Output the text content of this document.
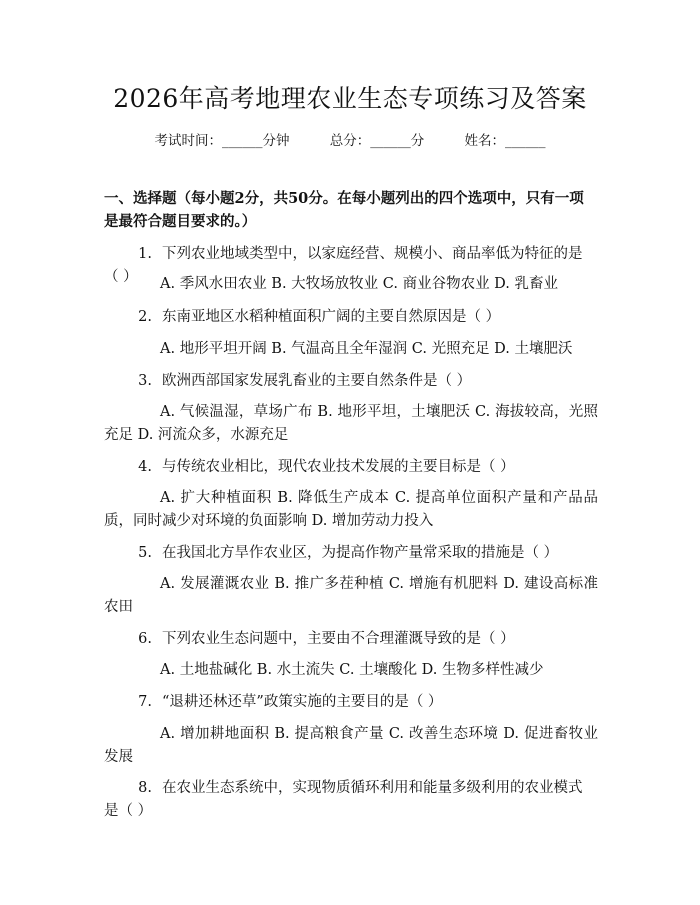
2026年高考地理农业生态专项练习及答案
考试时间：______分钟	总分：______分	姓名：______
一、选择题（每小题2分，共50分。在每小题列出的四个选项中，只有一项是最符合题目要求的。）
1. 下列农业地域类型中，以家庭经营、规模小、商品率低为特征的是（ ）	A. 季风水田农业 B. 大牧场放牧业 C. 商业谷物农业 D. 乳畜业
2. 东南亚地区水稻种植面积广阔的主要自然原因是（ ）
A. 地形平坦开阔 B. 气温高且全年湿润 C. 光照充足 D. 土壤肥沃
3. 欧洲西部国家发展乳畜业的主要自然条件是（ ）
A. 气候温湿，草场广布 B. 地形平坦，土壤肥沃 C. 海拔较高，光照充足 D. 河流众多，水源充足
4. 与传统农业相比，现代农业技术发展的主要目标是（ ）
A. 扩大种植面积 B. 降低生产成本 C. 提高单位面积产量和产品品质，同时减少对环境的负面影响 D. 增加劳动力投入
5. 在我国北方旱作农业区，为提高作物产量常采取的措施是（ ）
A. 发展灌溉农业 B. 推广多茬种植 C. 增施有机肥料 D. 建设高标准农田
6. 下列农业生态问题中，主要由不合理灌溉导致的是（ ）
A. 土地盐碱化 B. 水土流失 C. 土壤酸化 D. 生物多样性减少
7. “退耕还林还草”政策实施的主要目的是（ ）
A. 增加耕地面积 B. 提高粮食产量 C. 改善生态环境 D. 促进畜牧业发展
8. 在农业生态系统中，实现物质循环利用和能量多级利用的农业模式是（ ）
